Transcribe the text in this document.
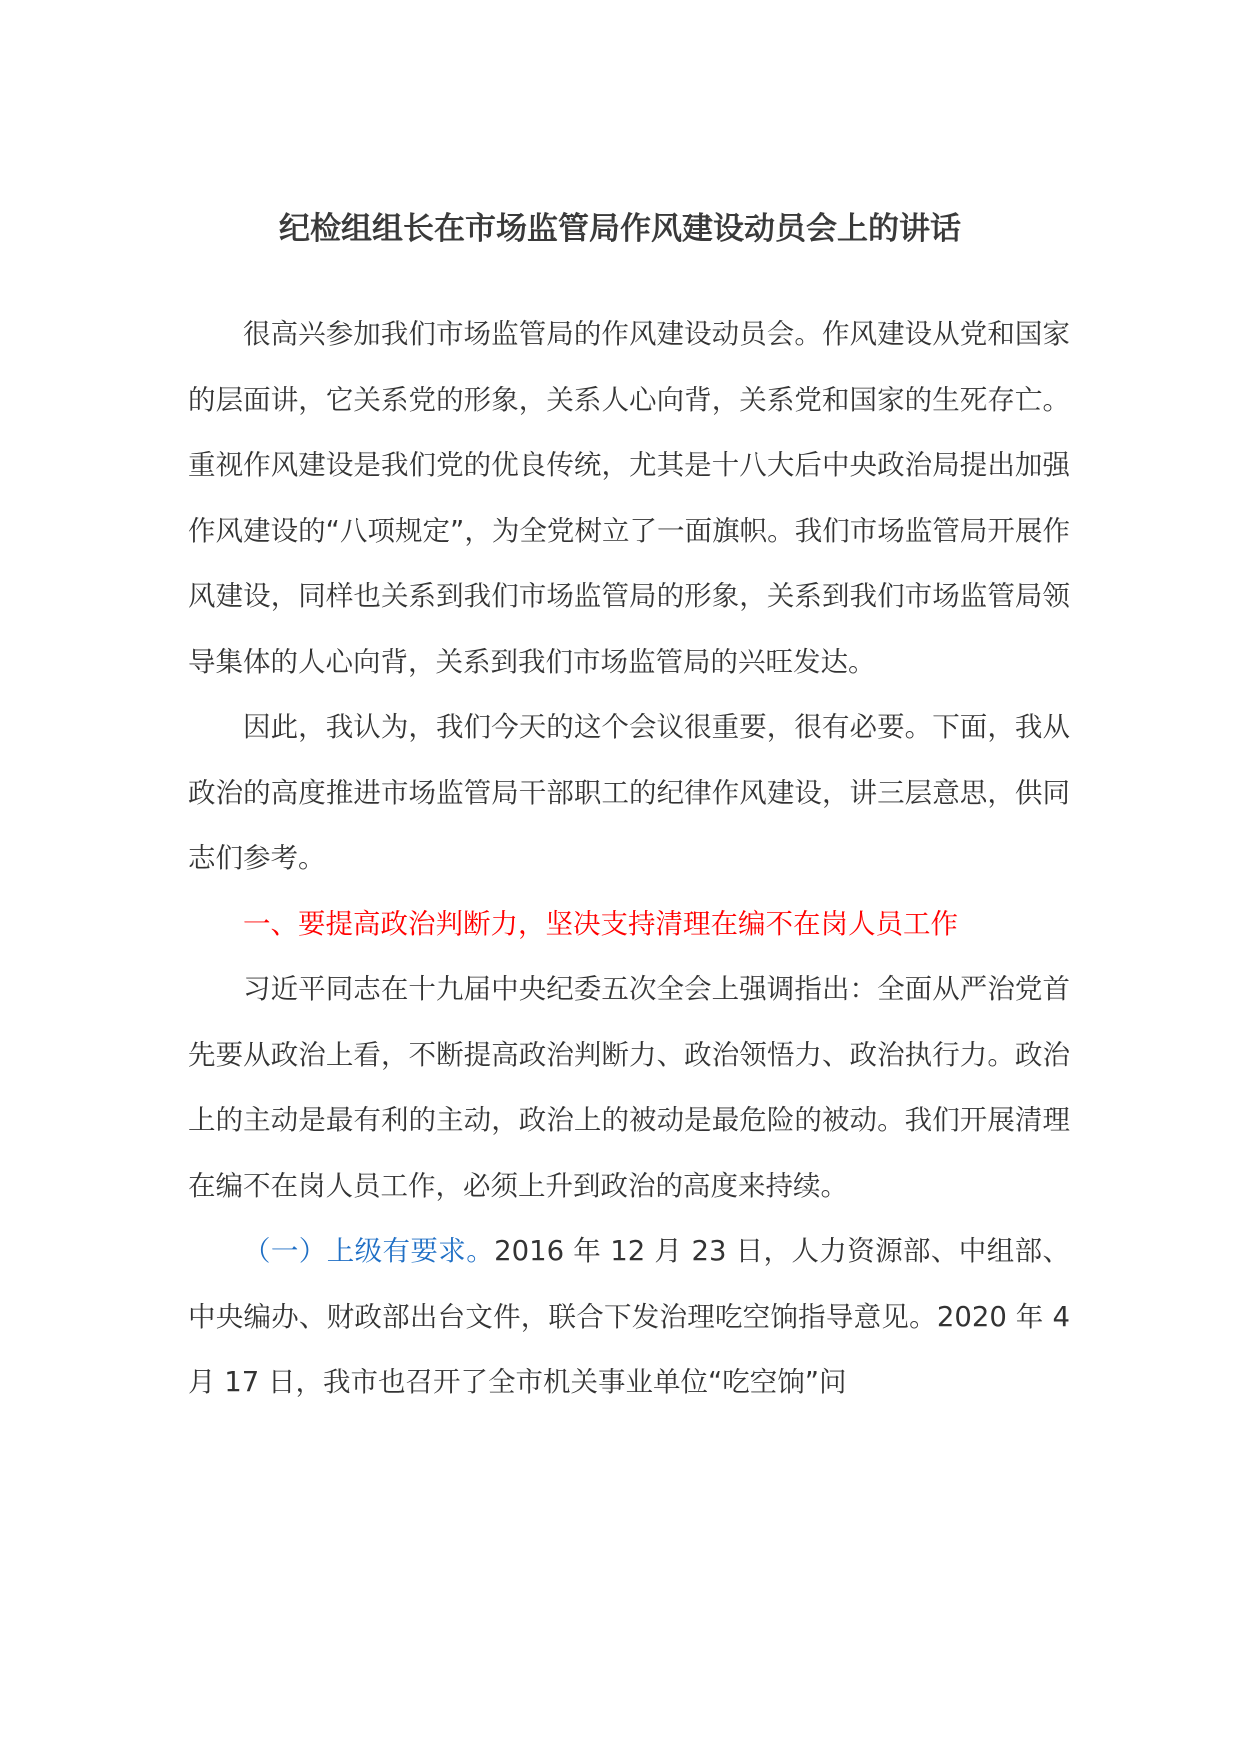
纪检组组长在市场监管局作风建设动员会上的讲话

很高兴参加我们市场监管局的作风建设动员会。作风建设从党和国家的层面讲，它关系党的形象，关系人心向背，关系党和国家的生死存亡。重视作风建设是我们党的优良传统，尤其是十八大后中央政治局提出加强作风建设的“八项规定”，为全党树立了一面旗帜。我们市场监管局开展作风建设，同样也关系到我们市场监管局的形象，关系到我们市场监管局领导集体的人心向背，关系到我们市场监管局的兴旺发达。

因此，我认为，我们今天的这个会议很重要，很有必要。下面，我从政治的高度推进市场监管局干部职工的纪律作风建设，讲三层意思，供同志们参考。

一、要提高政治判断力，坚决支持清理在编不在岗人员工作

习近平同志在十九届中央纪委五次全会上强调指出：全面从严治党首先要从政治上看，不断提高政治判断力、政治领悟力、政治执行力。政治上的主动是最有利的主动，政治上的被动是最危险的被动。我们开展清理在编不在岗人员工作，必须上升到政治的高度来持续。

（一）上级有要求。2016 年 12 月 23 日，人力资源部、中组部、中央编办、财政部出台文件，联合下发治理吃空饷指导意见。2020 年 4 月 17 日，我市也召开了全市机关事业单位“吃空饷”问
